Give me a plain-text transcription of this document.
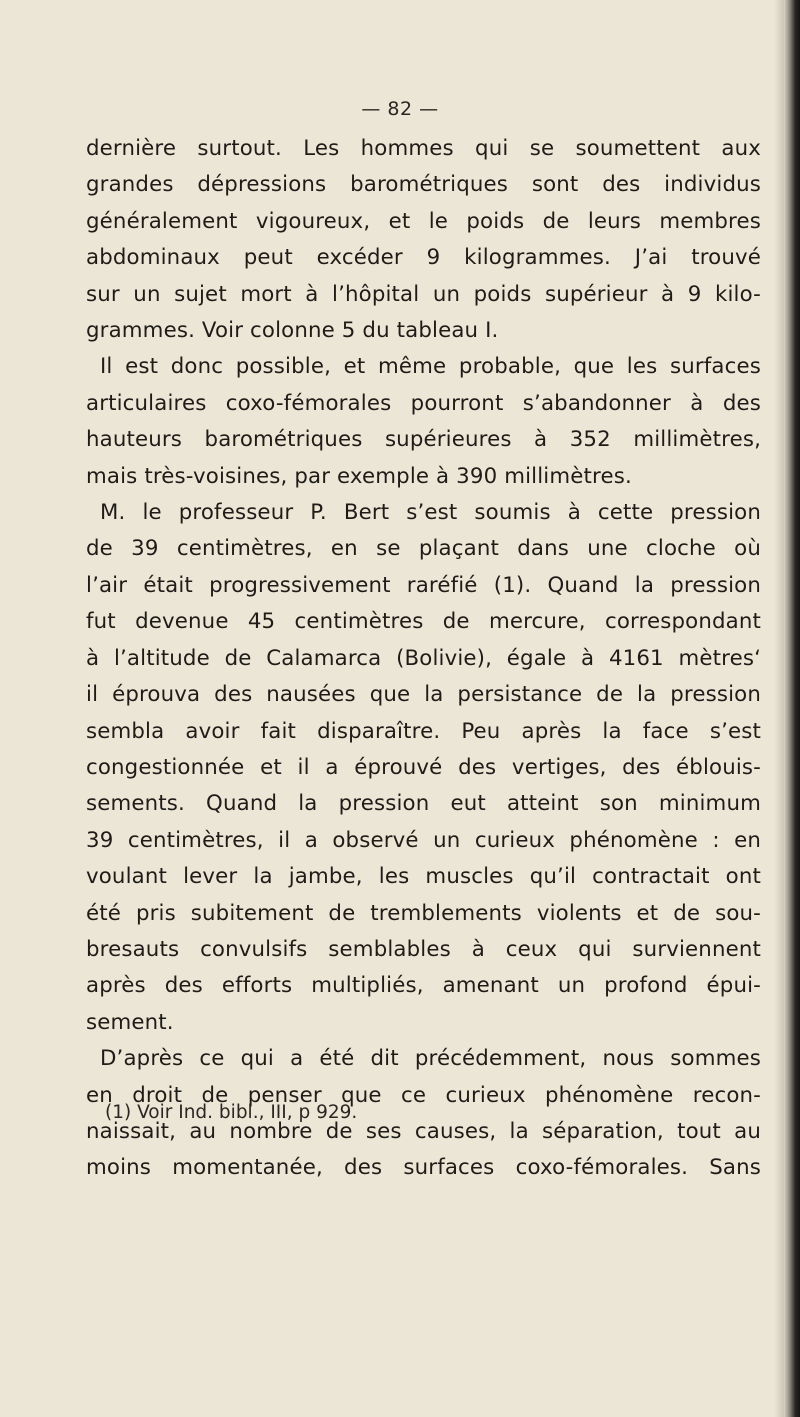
— 82 —
dernière surtout. Les hommes qui se soumettent aux
grandes dépressions barométriques sont des individus
généralement vigoureux, et le poids de leurs membres
abdominaux peut excéder 9 kilogrammes. J’ai trouvé
sur un sujet mort à l’hôpital un poids supérieur à 9 kilo-
grammes. Voir colonne 5 du tableau I.
Il est donc possible, et même probable, que les surfaces
articulaires coxo-fémorales pourront s’abandonner à des
hauteurs barométriques supérieures à 352 millimètres,
mais très-voisines, par exemple à 390 millimètres.
M. le professeur P. Bert s’est soumis à cette pression
de 39 centimètres, en se plaçant dans une cloche où
l’air était progressivement raréfié (1). Quand la pression
fut devenue 45 centimètres de mercure, correspondant
à l’altitude de Calamarca (Bolivie), égale à 4161 mètres‘
il éprouva des nausées que la persistance de la pression
sembla avoir fait disparaître. Peu après la face s’est
congestionnée et il a éprouvé des vertiges, des éblouis-
sements. Quand la pression eut atteint son minimum
39 centimètres, il a observé un curieux phénomène : en
voulant lever la jambe, les muscles qu’il contractait ont
été pris subitement de tremblements violents et de sou-
bresauts convulsifs semblables à ceux qui surviennent
après des efforts multipliés, amenant un profond épui-
sement.
D’après ce qui a été dit précédemment, nous sommes
en droit de penser que ce curieux phénomène recon-
naissait, au nombre de ses causes, la séparation, tout au
moins momentanée, des surfaces coxo-fémorales. Sans
(1) Voir Ind. bibl., III, p 929.
